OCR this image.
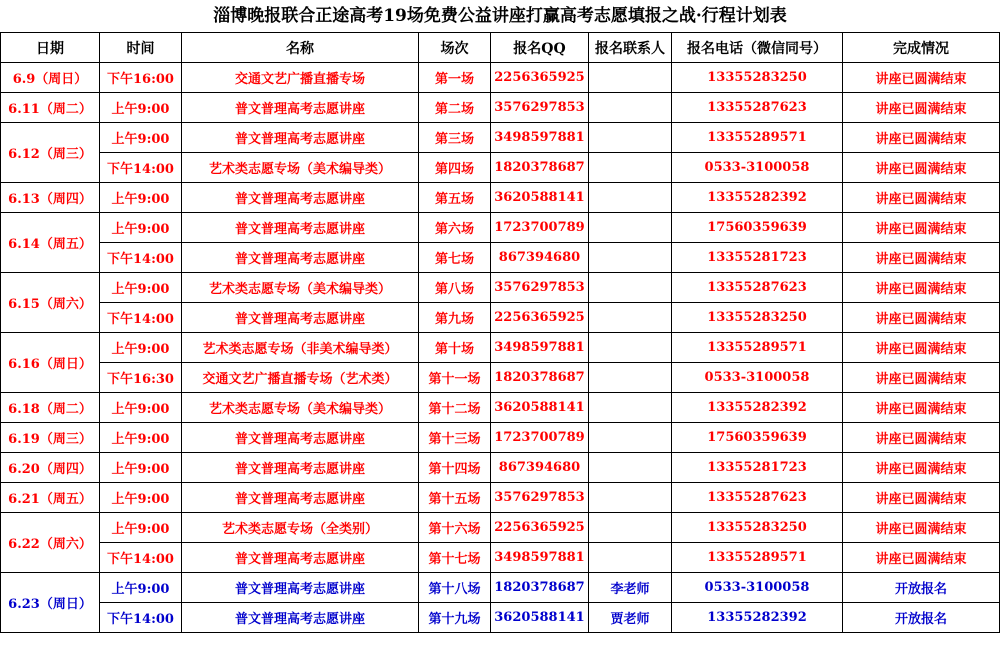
淄博晚报联合正途高考19场免费公益讲座打赢高考志愿填报之战·行程计划表
日期	时间	名称	场次	报名QQ	报名联系人	报名电话（微信同号）	完成情况
6.9（周日）	下午16:00	交通文艺广播直播专场	第一场	2256365925		13355283250	讲座已圆满结束
6.11（周二）	上午9:00	普文普理高考志愿讲座	第二场	3576297853		13355287623	讲座已圆满结束
6.12（周三）	上午9:00	普文普理高考志愿讲座	第三场	3498597881		13355289571	讲座已圆满结束
	下午14:00	艺术类志愿专场（美术编导类）	第四场	1820378687		0533-3100058	讲座已圆满结束
6.13（周四）	上午9:00	普文普理高考志愿讲座	第五场	3620588141		13355282392	讲座已圆满结束
6.14（周五）	上午9:00	普文普理高考志愿讲座	第六场	1723700789		17560359639	讲座已圆满结束
	下午14:00	普文普理高考志愿讲座	第七场	867394680		13355281723	讲座已圆满结束
6.15（周六）	上午9:00	艺术类志愿专场（美术编导类）	第八场	3576297853		13355287623	讲座已圆满结束
	下午14:00	普文普理高考志愿讲座	第九场	2256365925		13355283250	讲座已圆满结束
6.16（周日）	上午9:00	艺术类志愿专场（非美术编导类）	第十场	3498597881		13355289571	讲座已圆满结束
	下午16:30	交通文艺广播直播专场（艺术类）	第十一场	1820378687		0533-3100058	讲座已圆满结束
6.18（周二）	上午9:00	艺术类志愿专场（美术编导类）	第十二场	3620588141		13355282392	讲座已圆满结束
6.19（周三）	上午9:00	普文普理高考志愿讲座	第十三场	1723700789		17560359639	讲座已圆满结束
6.20（周四）	上午9:00	普文普理高考志愿讲座	第十四场	867394680		13355281723	讲座已圆满结束
6.21（周五）	上午9:00	普文普理高考志愿讲座	第十五场	3576297853		13355287623	讲座已圆满结束
6.22（周六）	上午9:00	艺术类志愿专场（全类别）	第十六场	2256365925		13355283250	讲座已圆满结束
	下午14:00	普文普理高考志愿讲座	第十七场	3498597881		13355289571	讲座已圆满结束
6.23（周日）	上午9:00	普文普理高考志愿讲座	第十八场	1820378687	李老师	0533-3100058	开放报名
	下午14:00	普文普理高考志愿讲座	第十九场	3620588141	贾老师	13355282392	开放报名
